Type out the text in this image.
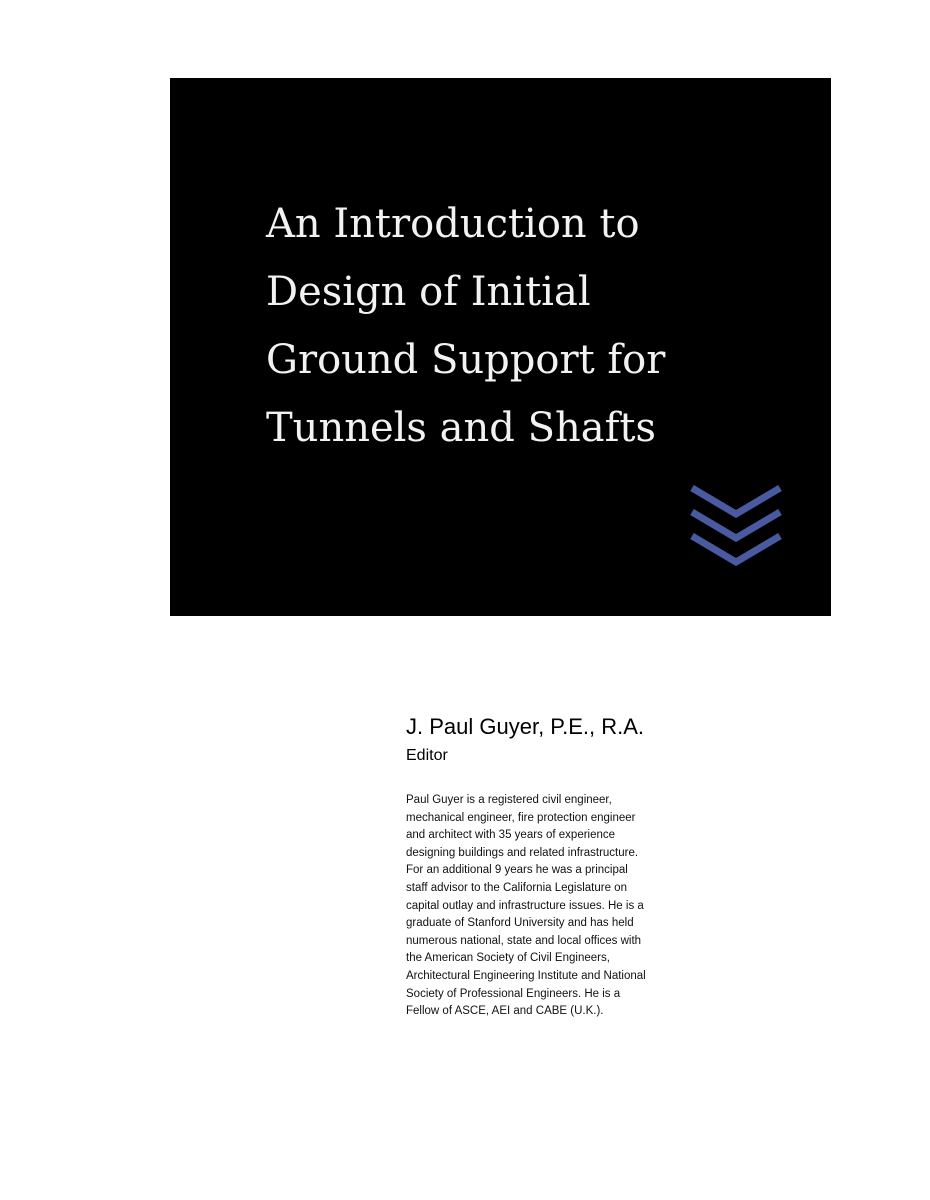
An Introduction to
Design of Initial
Ground Support for
Tunnels and Shafts
J. Paul Guyer, P.E., R.A.

Editor

Paul Guyer is a registered civil engineer,
mechanical engineer, fire protection engineer
and architect with 35 years of experience
designing buildings and related infrastructure.
For an additional 9 years he was a principal
staff advisor to the California Legislature on
capital outlay and infrastructure issues. He is a
graduate of Stanford University and has held
numerous national, state and local offices with
the American Society of Civil Engineers,
Architectural Engineering Institute and National
Society of Professional Engineers. He is a
Fellow of ASCE, AEI and CABE (U.K.).
